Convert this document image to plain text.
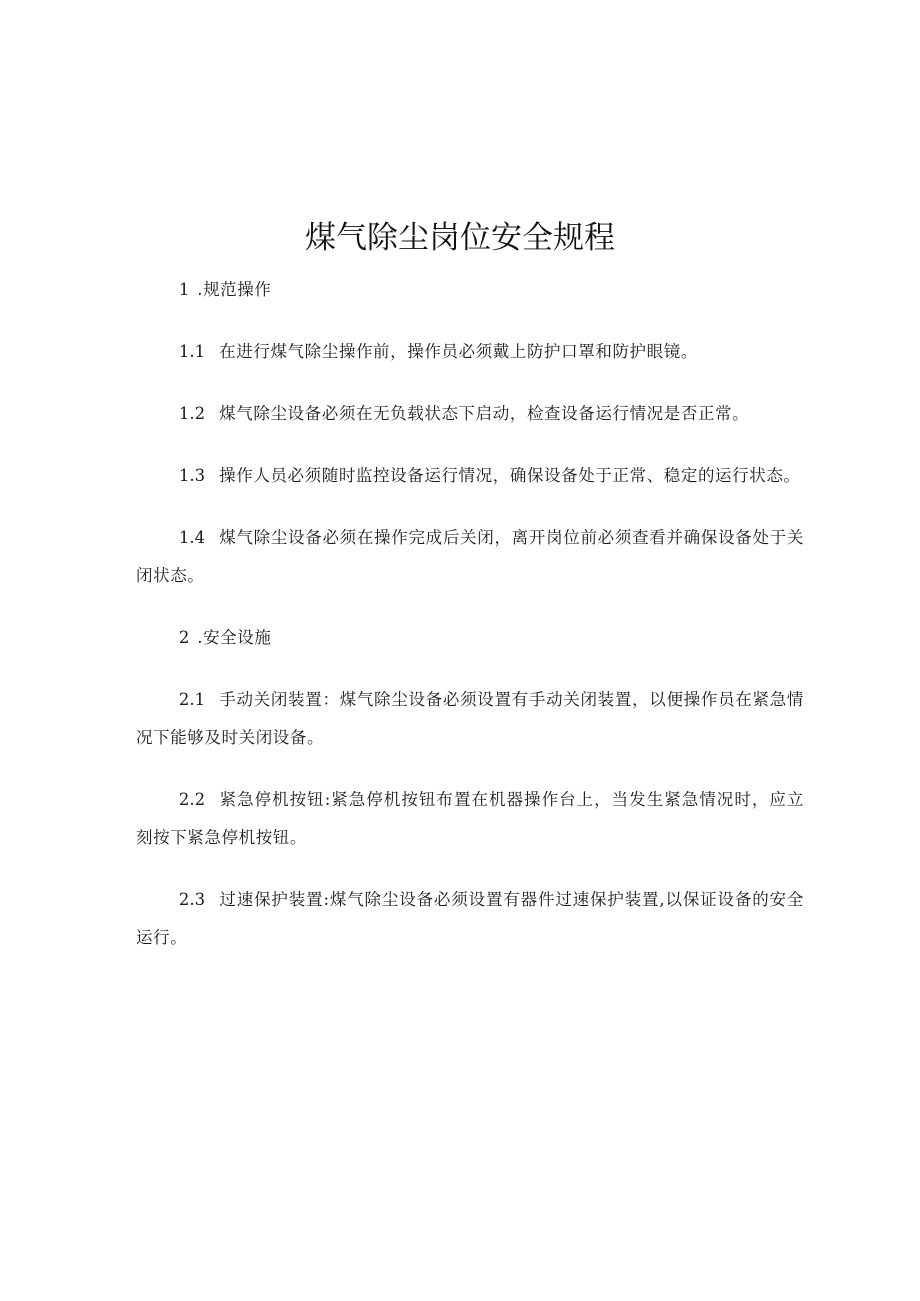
煤气除尘岗位安全规程

1 .规范操作

1.1 在进行煤气除尘操作前，操作员必须戴上防护口罩和防护眼镜。

1.2 煤气除尘设备必须在无负载状态下启动，检查设备运行情况是否正常。

1.3 操作人员必须随时监控设备运行情况，确保设备处于正常、稳定的运行状态。

1.4 煤气除尘设备必须在操作完成后关闭，离开岗位前必须查看并确保设备处于关闭状态。

2 .安全设施

2.1 手动关闭装置：煤气除尘设备必须设置有手动关闭装置，以便操作员在紧急情况下能够及时关闭设备。

2.2 紧急停机按钮:紧急停机按钮布置在机器操作台上，当发生紧急情况时，应立刻按下紧急停机按钮。

2.3 过速保护装置:煤气除尘设备必须设置有器件过速保护装置,以保证设备的安全运行。
